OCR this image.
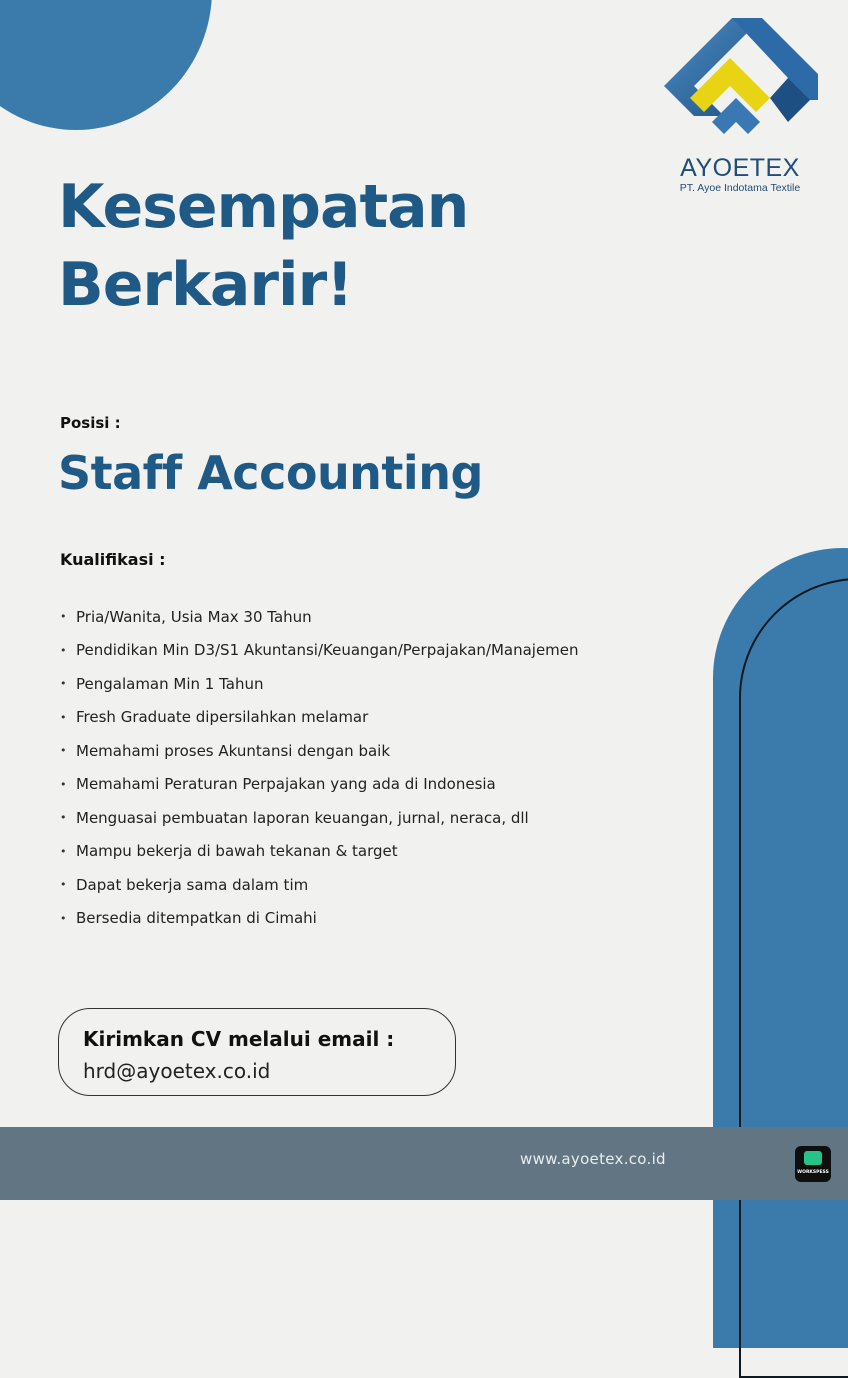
AYOETEX
PT. Ayoe Indotama Textile
Kesempatan
Berkarir!
Posisi :
Staff Accounting
Kualifikasi :
• Pria/Wanita, Usia Max 30 Tahun
• Pendidikan Min D3/S1 Akuntansi/Keuangan/Perpajakan/Manajemen
• Pengalaman Min 1 Tahun
• Fresh Graduate dipersilahkan melamar
• Memahami proses Akuntansi dengan baik
• Memahami Peraturan Perpajakan yang ada di Indonesia
• Menguasai pembuatan laporan keuangan, jurnal, neraca, dll
• Mampu bekerja di bawah tekanan & target
• Dapat bekerja sama dalam tim
• Bersedia ditempatkan di Cimahi
www.ayoetex.co.id
Kirimkan CV melalui email :
hrd@ayoetex.co.id
WORKSPESS
